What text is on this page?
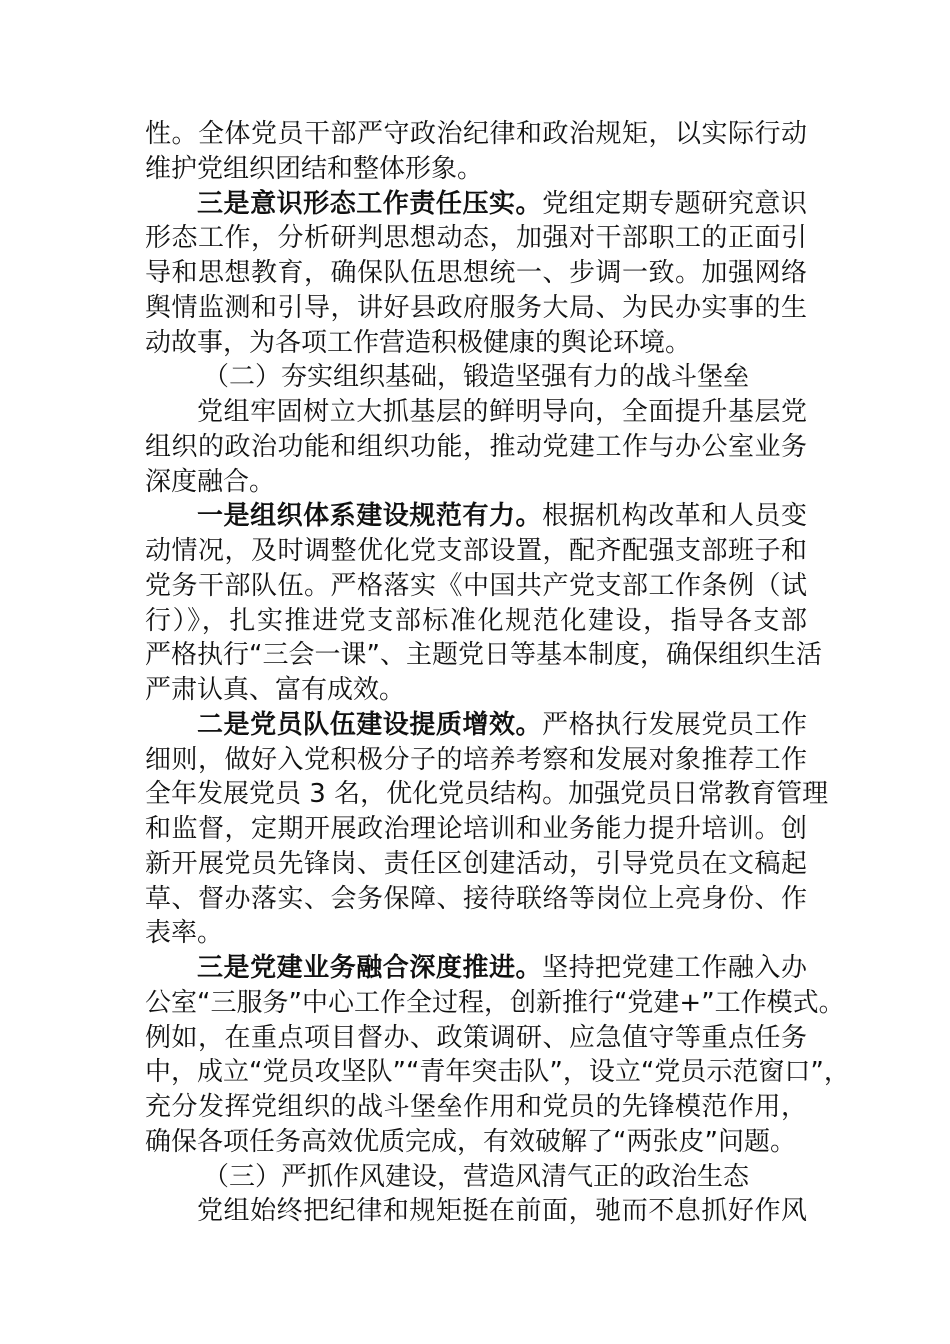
性。全体党员干部严守政治纪律和政治规矩，以实际行动
维护党组织团结和整体形象。
三是意识形态工作责任压实。党组定期专题研究意识
形态工作，分析研判思想动态，加强对干部职工的正面引
导和思想教育，确保队伍思想统一、步调一致。加强网络
舆情监测和引导，讲好县政府服务大局、为民办实事的生
动故事，为各项工作营造积极健康的舆论环境。
（二）夯实组织基础，锻造坚强有力的战斗堡垒
党组牢固树立大抓基层的鲜明导向，全面提升基层党
组织的政治功能和组织功能，推动党建工作与办公室业务
深度融合。
一是组织体系建设规范有力。根据机构改革和人员变
动情况，及时调整优化党支部设置，配齐配强支部班子和
党务干部队伍。严格落实《中国共产党支部工作条例（试
行）》，扎实推进党支部标准化规范化建设，指导各支部
严格执行“三会一课”、主题党日等基本制度，确保组织生活
严肃认真、富有成效。
二是党员队伍建设提质增效。严格执行发展党员工作
细则，做好入党积极分子的培养考察和发展对象推荐工作
全年发展党员 3 名，优化党员结构。加强党员日常教育管理
和监督，定期开展政治理论培训和业务能力提升培训。创
新开展党员先锋岗、责任区创建活动，引导党员在文稿起
草、督办落实、会务保障、接待联络等岗位上亮身份、作
表率。
三是党建业务融合深度推进。坚持把党建工作融入办
公室“三服务”中心工作全过程，创新推行“党建+”工作模式。
例如，在重点项目督办、政策调研、应急值守等重点任务
中，成立“党员攻坚队”“青年突击队”，设立“党员示范窗口”，
充分发挥党组织的战斗堡垒作用和党员的先锋模范作用，
确保各项任务高效优质完成，有效破解了“两张皮”问题。
（三）严抓作风建设，营造风清气正的政治生态
党组始终把纪律和规矩挺在前面，驰而不息抓好作风
